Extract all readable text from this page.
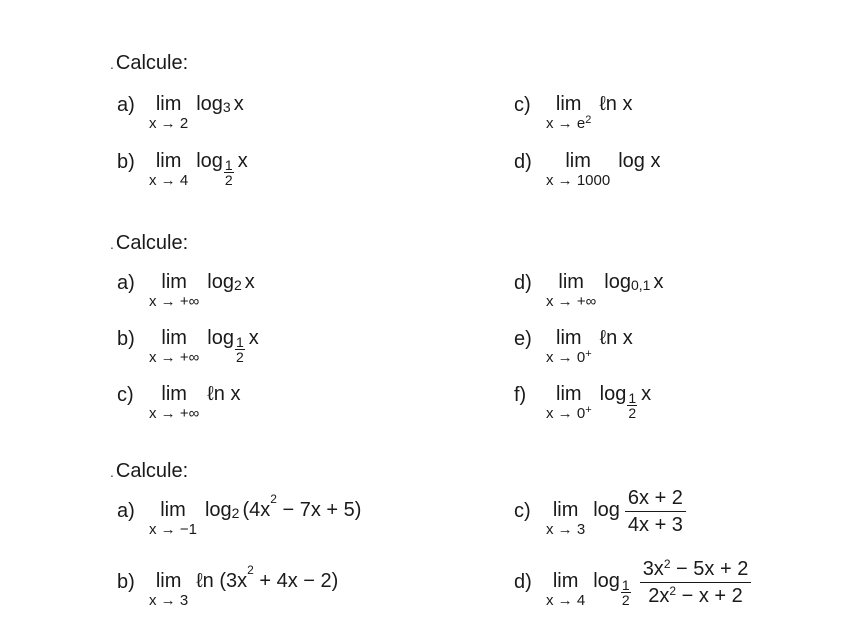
. Calcule:
a)	lim
x → 2
log 3 x
b)	lim
x → 4
log 1
2
x
c)	lim
$x \to e^2$
ℓn
x
d)	lim
x → 1000
log
x
. Calcule:
a)	lim
x → +∞
log 2 x
b)	lim
x → +∞
log 1
2
x
c)	lim
x → +∞
ℓn
x
d)	lim
x → +∞
log 0,1 x
e)	lim
x → 0+
ℓn
x
f)	lim
x → 0+
log 1
2
x
. Calcule:
a)	lim
x → −1
log 2 (4x 2 − 7x + 5)
b)	lim
x → 3
ℓn
(3x 2 + 4x − 2)
c)	lim
x → 3
$\log \frac{6x + 2}{4x + 3}$
d)	lim
x → 4
log 1
$2 \frac{3x^2 - 5x + 2}{2x^2 - x + 2}$
